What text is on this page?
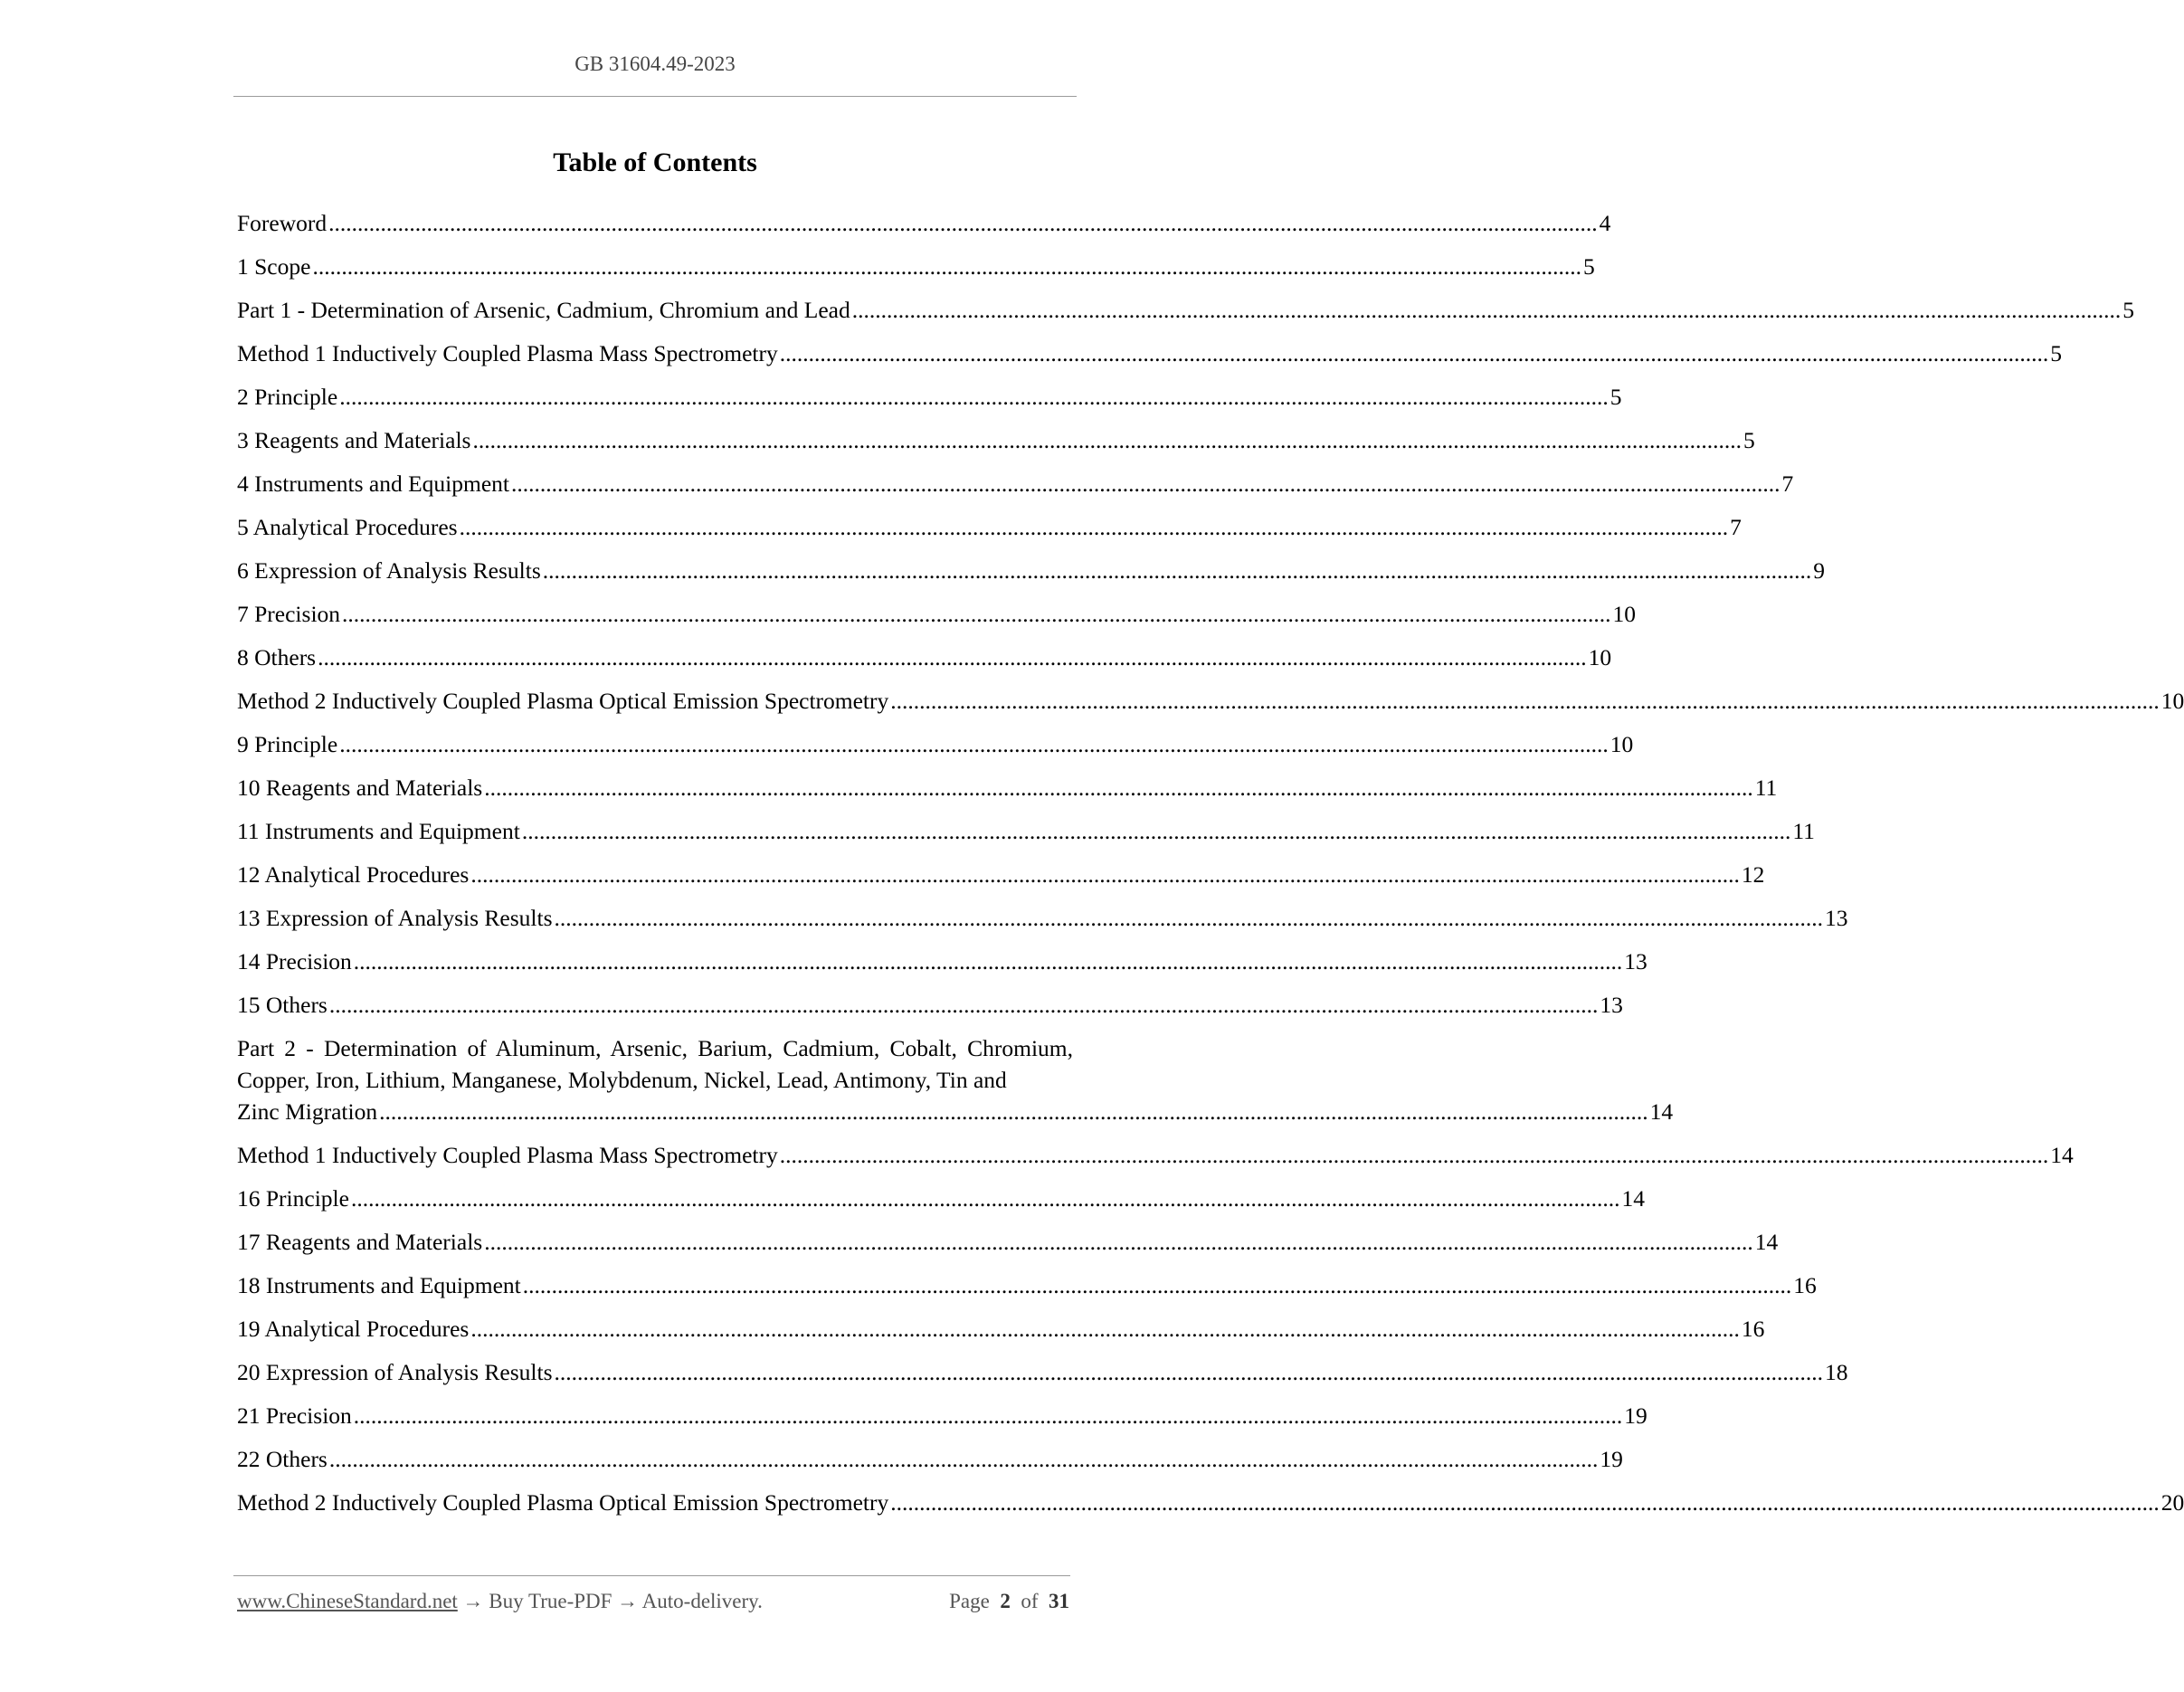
GB 31604.49-2023
Table of Contents
Foreword ............................................................................................................................................................................................................................ 4
1 Scope ............................................................................................................................................................................................................................ 5
Part 1 - Determination of Arsenic, Cadmium, Chromium and Lead ............................................................................................................................................................................................................................ 5
Method 1 Inductively Coupled Plasma Mass Spectrometry ............................................................................................................................................................................................................................ 5
2 Principle ............................................................................................................................................................................................................................ 5
3 Reagents and Materials ............................................................................................................................................................................................................................ 5
4 Instruments and Equipment ............................................................................................................................................................................................................................ 7
5 Analytical Procedures ............................................................................................................................................................................................................................ 7
6 Expression of Analysis Results ............................................................................................................................................................................................................................ 9
7 Precision ............................................................................................................................................................................................................................ 10
8 Others ............................................................................................................................................................................................................................ 10
Method 2 Inductively Coupled Plasma Optical Emission Spectrometry ............................................................................................................................................................................................................................ 10
9 Principle ............................................................................................................................................................................................................................ 10
10 Reagents and Materials ............................................................................................................................................................................................................................ 11
11 Instruments and Equipment ............................................................................................................................................................................................................................ 11
12 Analytical Procedures ............................................................................................................................................................................................................................ 12
13 Expression of Analysis Results ............................................................................................................................................................................................................................ 13
14 Precision ............................................................................................................................................................................................................................ 13
15 Others ............................................................................................................................................................................................................................ 13
Part 2 - Determination of Aluminum, Arsenic, Barium, Cadmium, Cobalt, Chromium, Copper, Iron, Lithium, Manganese, Molybdenum, Nickel, Lead, Antimony, Tin and
Zinc Migration ............................................................................................................................................................................................................................ 14
Method 1 Inductively Coupled Plasma Mass Spectrometry ............................................................................................................................................................................................................................ 14
16 Principle ............................................................................................................................................................................................................................ 14
17 Reagents and Materials ............................................................................................................................................................................................................................ 14
18 Instruments and Equipment ............................................................................................................................................................................................................................ 16
19 Analytical Procedures ............................................................................................................................................................................................................................ 16
20 Expression of Analysis Results ............................................................................................................................................................................................................................ 18
21 Precision ............................................................................................................................................................................................................................ 19
22 Others ............................................................................................................................................................................................................................ 19
Method 2 Inductively Coupled Plasma Optical Emission Spectrometry ............................................................................................................................................................................................................................ 20
www.ChineseStandard.net → Buy True-PDF → Auto-delivery.	Page 2 of 31
